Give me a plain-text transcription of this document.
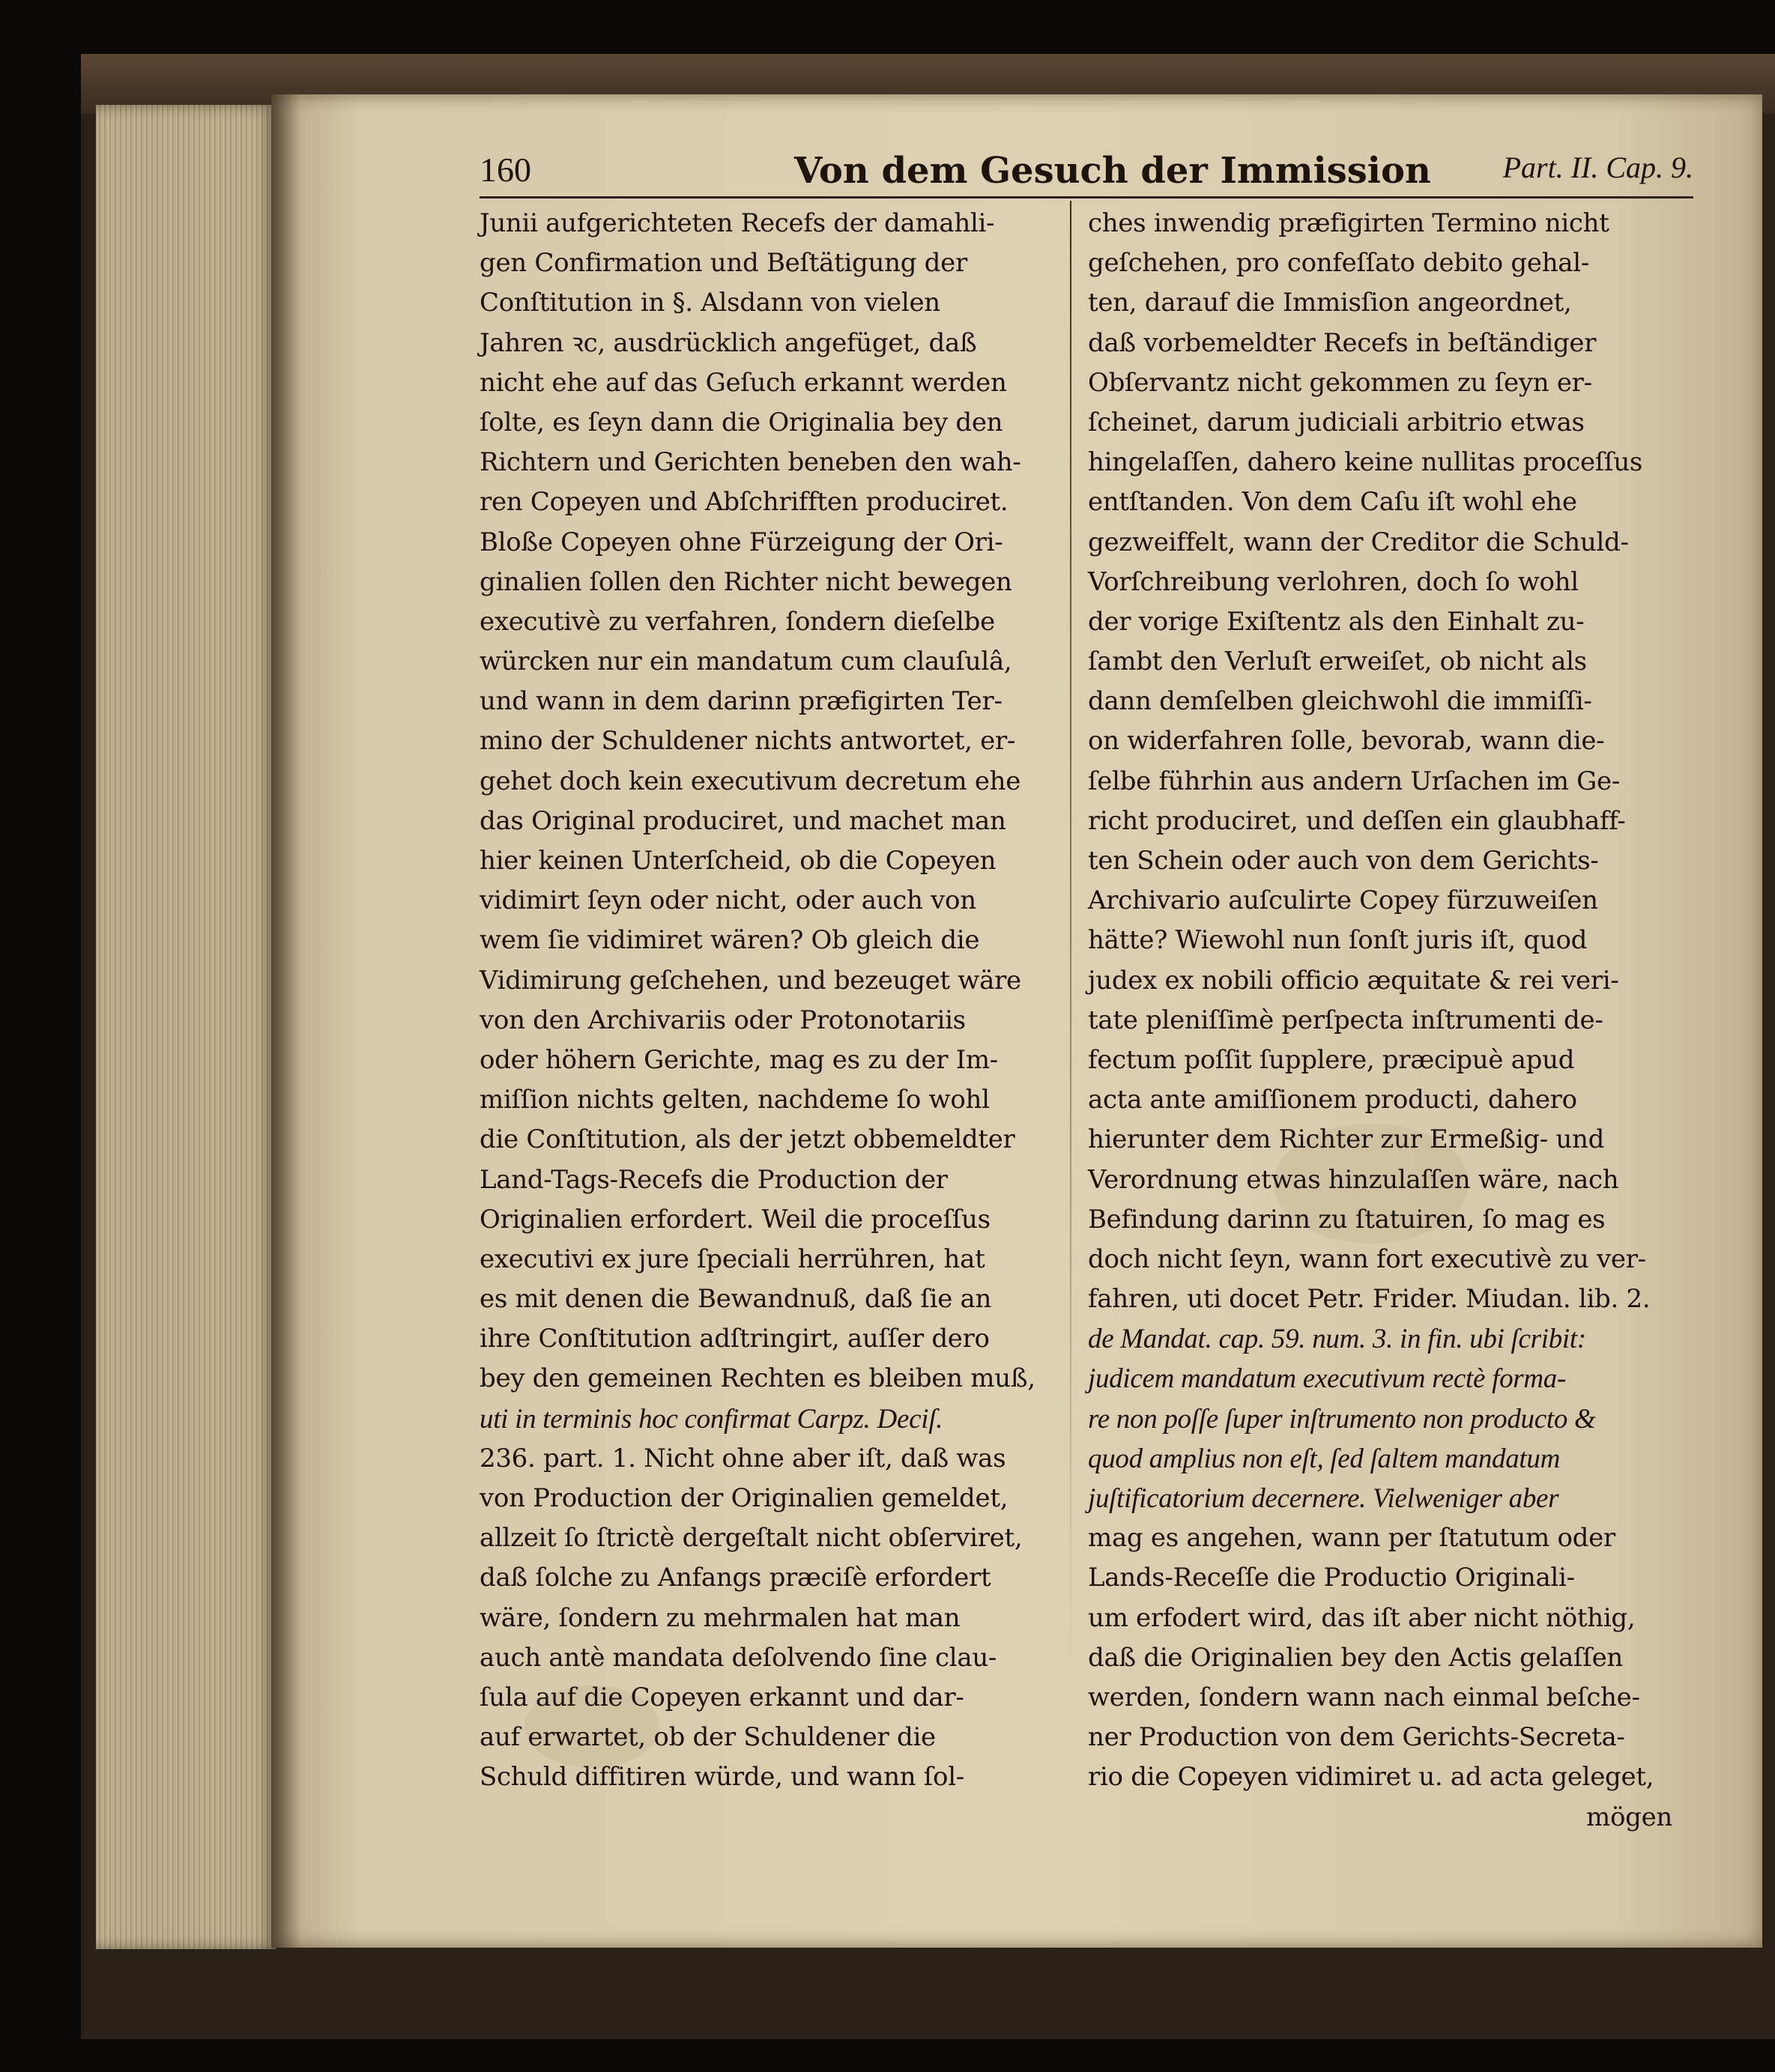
160	Von dem Gesuch der Immission Part. II. Cap. 9.
Junii aufgerichteten Recefs der damahli-
gen Confirmation und Beſtätigung der
Conſtitution in §. Alsdann von vielen
Jahren ꝛc, ausdrücklich angefüget, daß
nicht ehe auf das Geſuch erkannt werden
ſolte, es ſeyn dann die Originalia bey den
Richtern und Gerichten beneben den wah-
ren Copeyen und Abſchrifften produciret.
Bloße Copeyen ohne Fürzeigung der Ori-
ginalien ſollen den Richter nicht bewegen
executivè zu verfahren, ſondern dieſelbe
würcken nur ein mandatum cum clauſulâ,
und wann in dem darinn præfigirten Ter-
mino der Schuldener nichts antwortet, er-
gehet doch kein executivum decretum ehe
das Original produciret, und machet man
hier keinen Unterſcheid, ob die Copeyen
vidimirt ſeyn oder nicht, oder auch von
wem ſie vidimiret wären? Ob gleich die
Vidimirung geſchehen, und bezeuget wäre
von den Archivariis oder Protonotariis
oder höhern Gerichte, mag es zu der Im-
miſſion nichts gelten, nachdeme ſo wohl
die Conſtitution, als der jetzt obbemeldter
Land-Tags-Recefs die Production der
Originalien erfordert. Weil die proceſſus
executivi ex jure ſpeciali herrühren, hat
es mit denen die Bewandnuß, daß ſie an
ihre Conſtitution adſtringirt, auſſer dero
bey den gemeinen Rechten es bleiben muß,
uti in terminis hoc confirmat Carpz. Deciſ.
236. part. 1. Nicht ohne aber iſt, daß was
von Production der Originalien gemeldet,
allzeit ſo ſtrictè dergeſtalt nicht obſerviret,
daß ſolche zu Anfangs præciſè erfordert
wäre, ſondern zu mehrmalen hat man
auch antè mandata deſolvendo ſine clau-
ſula auf die Copeyen erkannt und dar-
auf erwartet, ob der Schuldener die
Schuld diffitiren würde, und wann ſol-
ches inwendig præfigirten Termino nicht
geſchehen, pro confeſſato debito gehal-
ten, darauf die Immisſion angeordnet,
daß vorbemeldter Recefs in beſtändiger
Obſervantz nicht gekommen zu ſeyn er-
ſcheinet, darum judiciali arbitrio etwas
hingelaſſen, dahero keine nullitas proceſſus
entſtanden. Von dem Caſu iſt wohl ehe
gezweiffelt, wann der Creditor die Schuld-
Vorſchreibung verlohren, doch ſo wohl
der vorige Exiſtentz als den Einhalt zu-
ſambt den Verluſt erweiſet, ob nicht als
dann demſelben gleichwohl die immiſſi-
on widerfahren ſolle, bevorab, wann die-
ſelbe führhin aus andern Urſachen im Ge-
richt produciret, und deſſen ein glaubhaff-
ten Schein oder auch von dem Gerichts-
Archivario auſculirte Copey fürzuweiſen
hätte? Wiewohl nun ſonſt juris iſt, quod
judex ex nobili officio æquitate & rei veri-
tate pleniſſimè perſpecta inſtrumenti de-
fectum poſſit ſupplere, præcipuè apud
acta ante amiſſionem producti, dahero
hierunter dem Richter zur Ermeßig- und
Verordnung etwas hinzulaſſen wäre, nach
Befindung darinn zu ſtatuiren, ſo mag es
doch nicht ſeyn, wann fort executivè zu ver-
fahren, uti docet Petr. Frider. Miudan. lib. 2.
de Mandat. cap. 59. num. 3. in fin. ubi ſcribit:
judicem mandatum executivum rectè forma-
re non poſſe ſuper inſtrumento non producto &
quod amplius non eſt, ſed ſaltem mandatum
juſtificatorium decernere. Vielweniger aber
mag es angehen, wann per ſtatutum oder
Lands-Receſſe die Productio Originali-
um erfodert wird, das iſt aber nicht nöthig,
daß die Originalien bey den Actis gelaſſen
werden, ſondern wann nach einmal beſche-
ner Production von dem Gerichts-Secreta-
rio die Copeyen vidimiret u. ad acta geleget,
mögen
